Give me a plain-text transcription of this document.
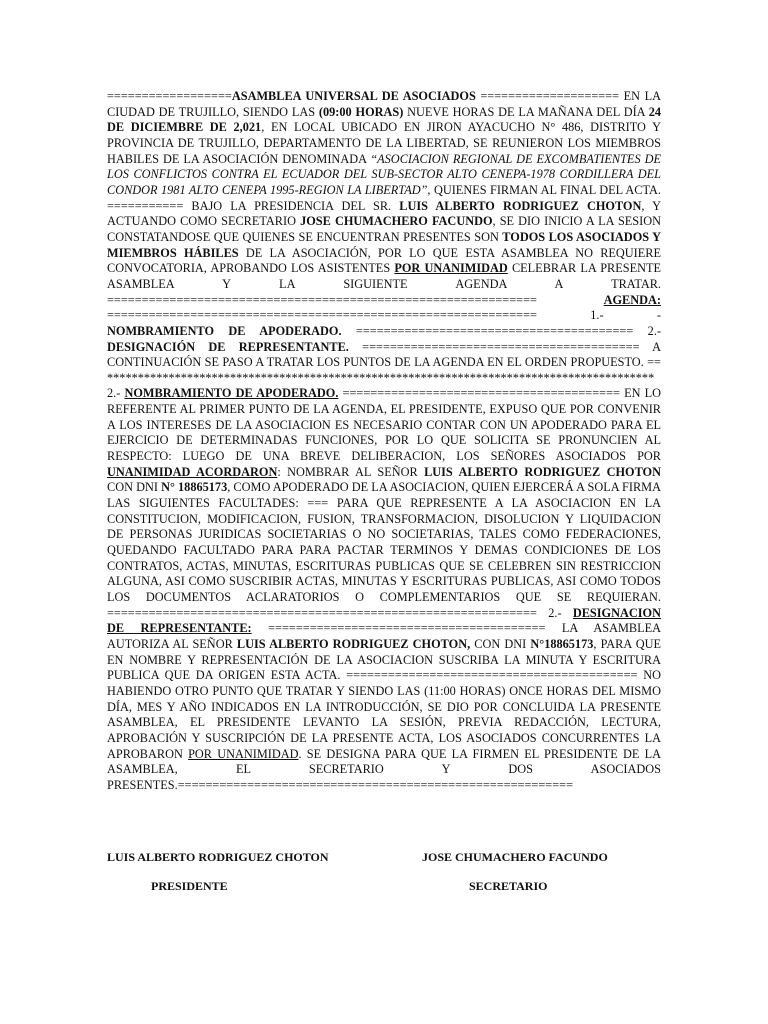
==================ASAMBLEA UNIVERSAL DE ASOCIADOS ==================== EN LA CIUDAD DE TRUJILLO, SIENDO LAS (09:00 HORAS) NUEVE HORAS DE LA MAÑANA DEL DÍA 24 DE DICIEMBRE DE 2,021, EN LOCAL UBICADO EN JIRON AYACUCHO N° 486, DISTRITO Y PROVINCIA DE TRUJILLO, DEPARTAMENTO DE LA LIBERTAD, SE REUNIERON LOS MIEMBROS HABILES DE LA ASOCIACIÓN DENOMINADA “ASOCIACION REGIONAL DE EXCOMBATIENTES DE LOS CONFLICTOS CONTRA EL ECUADOR DEL SUB-SECTOR ALTO CENEPA-1978 CORDILLERA DEL CONDOR 1981 ALTO CENEPA 1995-REGION LA LIBERTAD”, QUIENES FIRMAN AL FINAL DEL ACTA. =========== BAJO LA PRESIDENCIA DEL SR. LUIS ALBERTO RODRIGUEZ CHOTON, Y ACTUANDO COMO SECRETARIO JOSE CHUMACHERO FACUNDO, SE DIO INICIO A LA SESION CONSTATANDOSE QUE QUIENES SE ENCUENTRAN PRESENTES SON TODOS LOS ASOCIADOS Y MIEMBROS HÁBILES DE LA ASOCIACIÓN, POR LO QUE ESTA ASAMBLEA NO REQUIERE CONVOCATORIA, APROBANDO LOS ASISTENTES POR UNANIMIDAD CELEBRAR LA PRESENTE ASAMBLEA Y LA SIGUIENTE AGENDA A TRATAR. ============================================================== AGENDA: ============================================================== 1.- - NOMBRAMIENTO DE APODERADO. ======================================== 2.- DESIGNACIÓN DE REPRESENTANTE. ======================================== A CONTINUACIÓN SE PASO A TRATAR LOS PUNTOS DE LA AGENDA EN EL ORDEN PROPUESTO. == ***************************************************************************************** 2.- NOMBRAMIENTO DE APODERADO. ======================================== EN LO REFERENTE AL PRIMER PUNTO DE LA AGENDA, EL PRESIDENTE, EXPUSO QUE POR CONVENIR A LOS INTERESES DE LA ASOCIACION ES NECESARIO CONTAR CON UN APODERADO PARA EL EJERCICIO DE DETERMINADAS FUNCIONES, POR LO QUE SOLICITA SE PRONUNCIEN AL RESPECTO: LUEGO DE UNA BREVE DELIBERACION, LOS SEÑORES ASOCIADOS POR UNANIMIDAD ACORDARON: NOMBRAR AL SEÑOR LUIS ALBERTO RODRIGUEZ CHOTON CON DNI N° 18865173, COMO APODERADO DE LA ASOCIACION, QUIEN EJERCERÁ A SOLA FIRMA LAS SIGUIENTES FACULTADES: === PARA QUE REPRESENTE A LA ASOCIACION EN LA CONSTITUCION, MODIFICACION, FUSION, TRANSFORMACION, DISOLUCION Y LIQUIDACION DE PERSONAS JURIDICAS SOCIETARIAS O NO SOCIETARIAS, TALES COMO FEDERACIONES, QUEDANDO FACULTADO PARA PARA PACTAR TERMINOS Y DEMAS CONDICIONES DE LOS CONTRATOS, ACTAS, MINUTAS, ESCRITURAS PUBLICAS QUE SE CELEBREN SIN RESTRICCION ALGUNA, ASI COMO SUSCRIBIR ACTAS, MINUTAS Y ESCRITURAS PUBLICAS, ASI COMO TODOS LOS DOCUMENTOS ACLARATORIOS O COMPLEMENTARIOS QUE SE REQUIERAN. ============================================================== 2.- DESIGNACION DE REPRESENTANTE: ======================================== LA ASAMBLEA AUTORIZA AL SEÑOR LUIS ALBERTO RODRIGUEZ CHOTON, CON DNI N°18865173, PARA QUE EN NOMBRE Y REPRESENTACIÓN DE LA ASOCIACION SUSCRIBA LA MINUTA Y ESCRITURA PUBLICA QUE DA ORIGEN ESTA ACTA. ========================================== NO HABIENDO OTRO PUNTO QUE TRATAR Y SIENDO LAS (11:00 HORAS) ONCE HORAS DEL MISMO DÍA, MES Y AÑO INDICADOS EN LA INTRODUCCIÓN, SE DIO POR CONCLUIDA LA PRESENTE ASAMBLEA, EL PRESIDENTE LEVANTO LA SESIÓN, PREVIA REDACCIÓN, LECTURA, APROBACIÓN Y SUSCRIPCIÓN DE LA PRESENTE ACTA, LOS ASOCIADOS CONCURRENTES LA APROBARON POR UNANIMIDAD. SE DESIGNA PARA QUE LA FIRMEN EL PRESIDENTE DE LA ASAMBLEA, EL SECRETARIO Y DOS ASOCIADOS PRESENTES.=========================================================
LUIS ALBERTO RODRIGUEZ CHOTON
PRESIDENTE
JOSE CHUMACHERO FACUNDO
SECRETARIO
